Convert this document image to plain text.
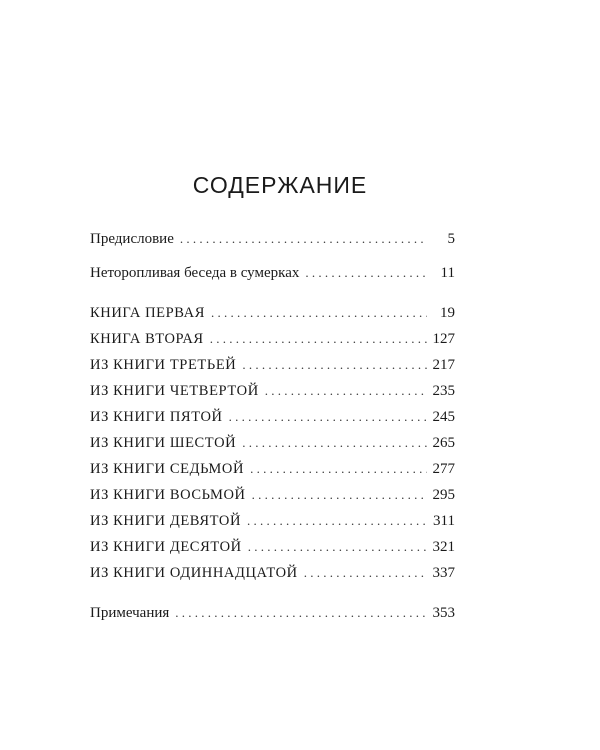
СОДЕРЖАНИЕ
Предисловие . . .	5
Неторопливая беседа в сумерках . . .	11
КНИГА ПЕРВАЯ . . .	19
КНИГА ВТОРАЯ . . .	127
ИЗ КНИГИ ТРЕТЬЕЙ . . .	217
ИЗ КНИГИ ЧЕТВЕРТОЙ . . .	235
ИЗ КНИГИ ПЯТОЙ . . .	245
ИЗ КНИГИ ШЕСТОЙ . . .	265
ИЗ КНИГИ СЕДЬМОЙ . . .	277
ИЗ КНИГИ ВОСЬМОЙ . . .	295
ИЗ КНИГИ ДЕВЯТОЙ . . .	311
ИЗ КНИГИ ДЕСЯТОЙ . . .	321
ИЗ КНИГИ ОДИННАДЦАТОЙ . . .	337
Примечания . . .	353
